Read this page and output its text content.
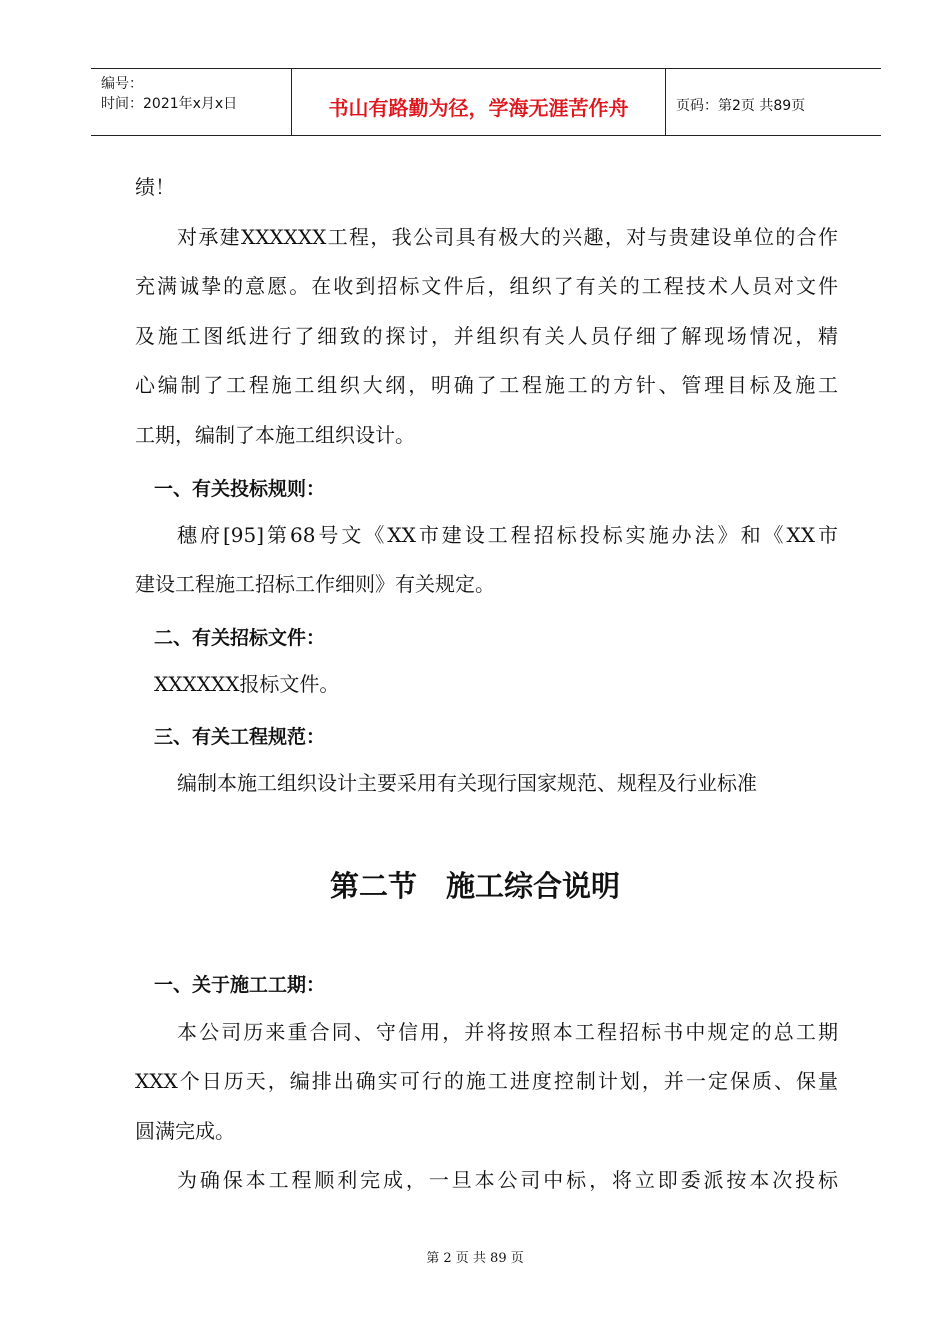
编号：
时间：2021年x月x日	书山有路勤为径，学海无涯苦作舟	页码：第2页 共89页
绩！
对承建XXXXXX工程，我公司具有极大的兴趣，对与贵建设单位的合作
充满诚挚的意愿。在收到招标文件后，组织了有关的工程技术人员对文件
及施工图纸进行了细致的探讨，并组织有关人员仔细了解现场情况，精
心编制了工程施工组织大纲，明确了工程施工的方针、管理目标及施工
工期，编制了本施工组织设计。
一、有关投标规则：
穗府[95]第68号文《XX市建设工程招标投标实施办法》和《XX市
建设工程施工招标工作细则》有关规定。
二、有关招标文件：
XXXXXX报标文件。
三、有关工程规范：
编制本施工组织设计主要采用有关现行国家规范、规程及行业标准
第二节　施工综合说明
一、关于施工工期：
本公司历来重合同、守信用，并将按照本工程招标书中规定的总工期
XXX个日历天，编排出确实可行的施工进度控制计划，并一定保质、保量
圆满完成。
为确保本工程顺利完成，一旦本公司中标，将立即委派按本次投标
第 2 页 共 89 页
